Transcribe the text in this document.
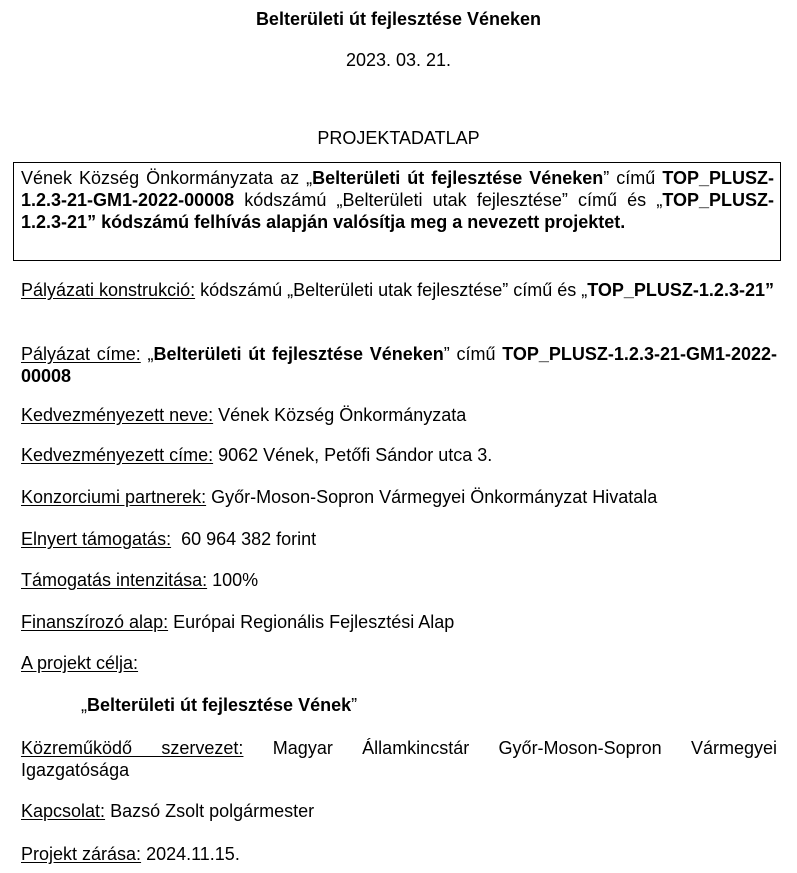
Belterületi út fejlesztése Véneken
2023. 03. 21.
PROJEKTADATLAP
Vének Község Önkormányzata az „Belterületi út fejlesztése Véneken” című TOP_PLUSZ-1.2.3-21-GM1-2022-00008 kódszámú „Belterületi utak fejlesztése” című és „TOP_PLUSZ-1.2.3-21” kódszámú felhívás alapján valósítja meg a nevezett projektet.
Pályázati konstrukció: kódszámú „Belterületi utak fejlesztése” című és „TOP_PLUSZ-1.2.3-21”
Pályázat címe: „Belterületi út fejlesztése Véneken” című TOP_PLUSZ-1.2.3-21-GM1-2022-00008
Kedvezményezett neve: Vének Község Önkormányzata
Kedvezményezett címe: 9062 Vének, Petőfi Sándor utca 3.
Konzorciumi partnerek: Győr-Moson-Sopron Vármegyei Önkormányzat Hivatala
Elnyert támogatás:  60 964 382 forint
Támogatás intenzitása: 100%
Finanszírozó alap: Európai Regionális Fejlesztési Alap
A projekt célja:
„Belterületi út fejlesztése Vének”
Közreműködő szervezet: Magyar Államkincstár Győr-Moson-Sopron Vármegyei Igazgatósága
Kapcsolat: Bazsó Zsolt polgármester
Projekt zárása: 2024.11.15.
